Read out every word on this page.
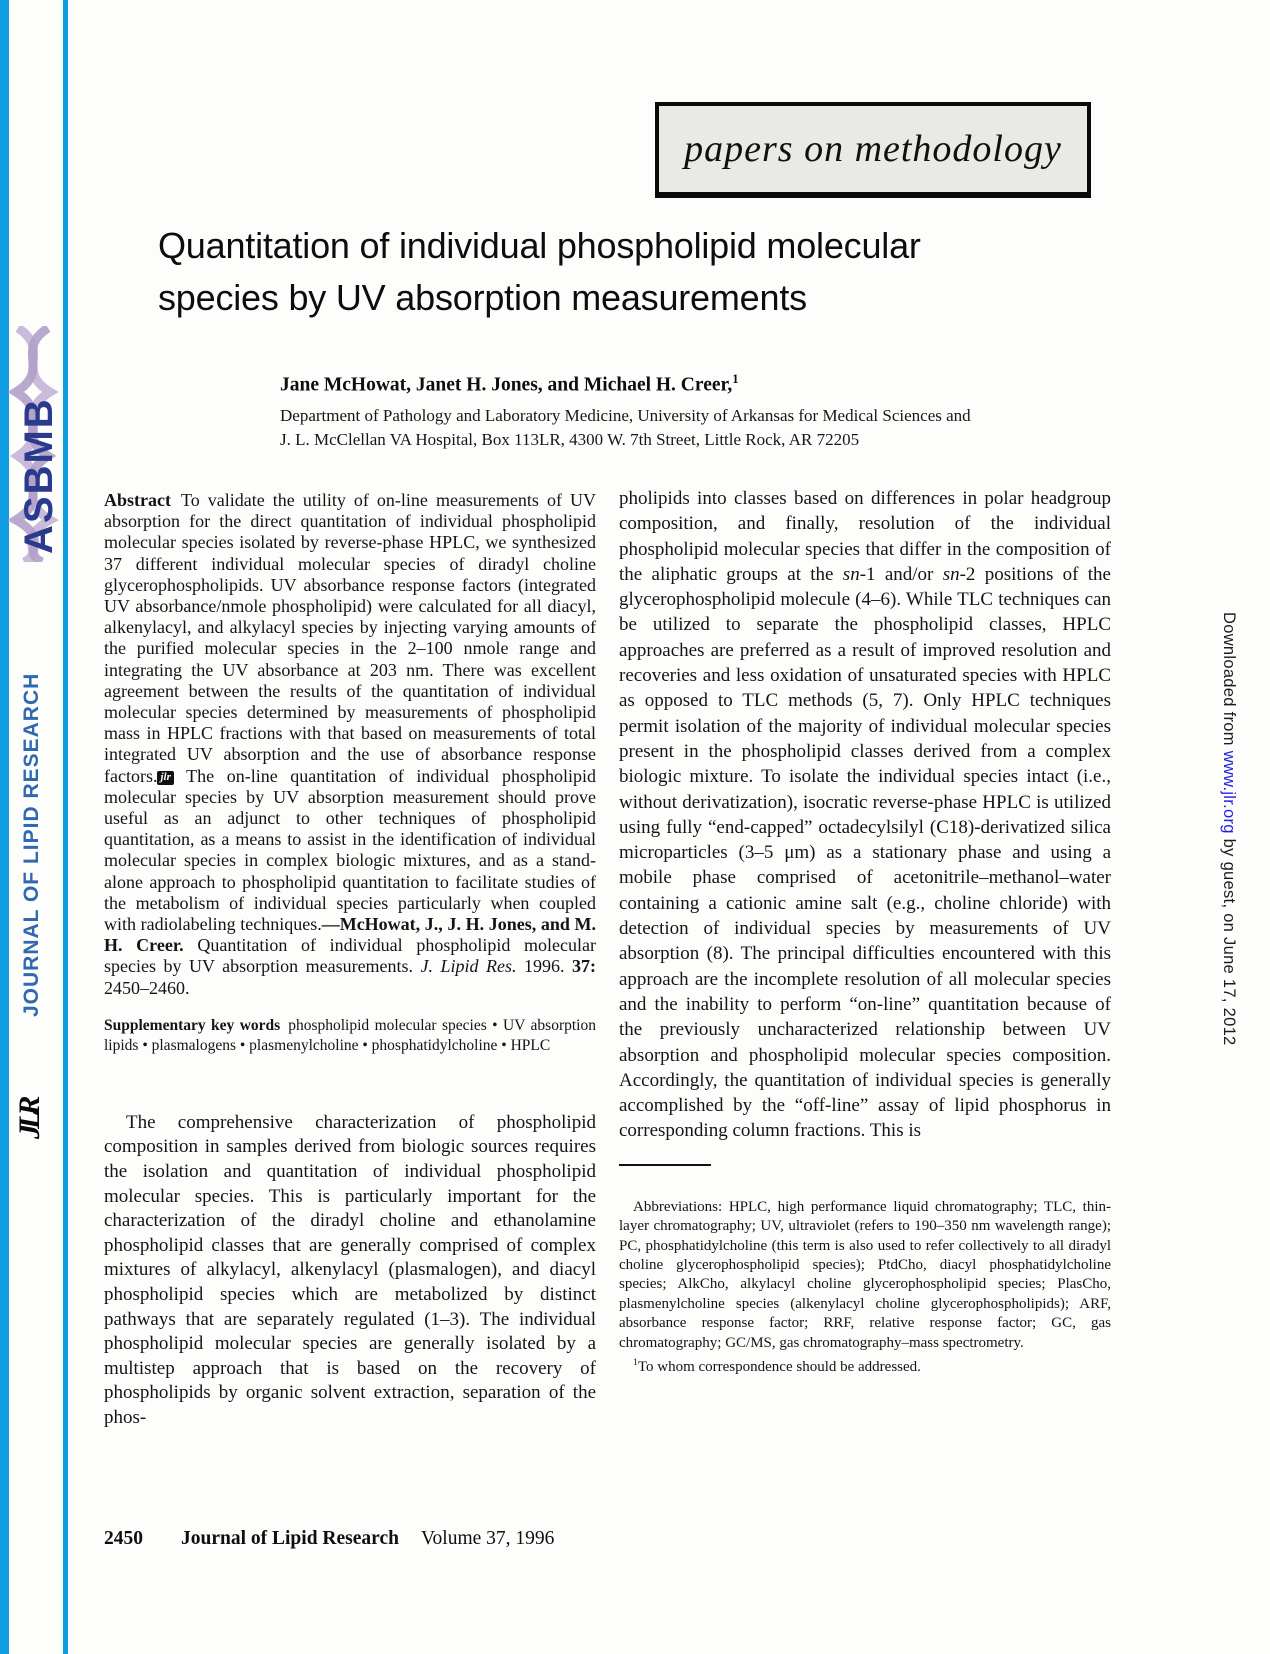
ASBMB
JOURNAL OF LIPID RESEARCH
JLR
Downloaded from www.jlr.org by guest, on June 17, 2012
papers on methodology
Quantitation of individual phospholipid molecular
species by UV absorption measurements
Jane McHowat, Janet H. Jones, and Michael H. Creer,$^1$
Department of Pathology and Laboratory Medicine, University of Arkansas for Medical Sciences and
J. L. McClellan VA Hospital, Box 113LR, 4300 W. 7th Street, Little Rock, AR 72205

Abstract To validate the utility of on-line measurements of UV absorption for the direct quantitation of individual phospholipid molecular species isolated by reverse-phase HPLC, we synthesized 37 different individual molecular species of diradyl choline glycerophospholipids. UV absorbance response factors (integrated UV absorbance/nmole phospholipid) were calculated for all diacyl, alkenylacyl, and alkylacyl species by injecting varying amounts of the purified molecular species in the 2–100 nmole range and integrating the UV absorbance at 203 nm. There was excellent agreement between the results of the quantitation of individual molecular species determined by measurements of phospholipid mass in HPLC fractions with that based on measurements of total integrated UV absorption and the use of absorbance response factors. jlr The on-line quantitation of individual phospholipid molecular species by UV absorption measurement should prove useful as an adjunct to other techniques of phospholipid quantitation, as a means to assist in the identification of individual molecular species in complex biologic mixtures, and as a stand-alone approach to phospholipid quantitation to facilitate studies of the metabolism of individual species particularly when coupled with radiolabeling techniques.—McHowat, J., J. H. Jones, and M. H. Creer. Quantitation of individual phospholipid molecular species by UV absorption measurements. J. Lipid Res. 1996. 37: 2450–2460.

Supplementary key words phospholipid molecular species • UV absorption lipids • plasmalogens • plasmenylcholine • phosphatidylcholine • HPLC

The comprehensive characterization of phospholipid composition in samples derived from biologic sources requires the isolation and quantitation of individual phospholipid molecular species. This is particularly important for the characterization of the diradyl choline and ethanolamine phospholipid classes that are generally comprised of complex mixtures of alkylacyl, alkenylacyl (plasmalogen), and diacyl phospholipid species which are metabolized by distinct pathways that are separately regulated (1–3). The individual phospholipid molecular species are generally isolated by a multistep approach that is based on the recovery of phospholipids by organic solvent extraction, separation of the phos-

pholipids into classes based on differences in polar headgroup composition, and finally, resolution of the individual phospholipid molecular species that differ in the composition of the aliphatic groups at the sn-1 and/or sn-2 positions of the glycerophospholipid molecule (4–6). While TLC techniques can be utilized to separate the phospholipid classes, HPLC approaches are preferred as a result of improved resolution and recoveries and less oxidation of unsaturated species with HPLC as opposed to TLC methods (5, 7). Only HPLC techniques permit isolation of the majority of individual molecular species present in the phospholipid classes derived from a complex biologic mixture. To isolate the individual species intact (i.e., without derivatization), isocratic reverse-phase HPLC is utilized using fully “end-capped” octadecylsilyl (C18)-derivatized silica microparticles (3–5 μm) as a stationary phase and using a mobile phase comprised of acetonitrile–methanol–water containing a cationic amine salt (e.g., choline chloride) with detection of individual species by measurements of UV absorption (8). The principal difficulties encountered with this approach are the incomplete resolution of all molecular species and the inability to perform “on-line” quantitation because of the previously uncharacterized relationship between UV absorption and phospholipid molecular species composition. Accordingly, the quantitation of individual species is generally accomplished by the “off-line” assay of lipid phosphorus in corresponding column fractions. This is

Abbreviations: HPLC, high performance liquid chromatography; TLC, thin-layer chromatography; UV, ultraviolet (refers to 190–350 nm wavelength range); PC, phosphatidylcholine (this term is also used to refer collectively to all diradyl choline glycerophospholipid species); PtdCho, diacyl phosphatidylcholine species; AlkCho, alkylacyl choline glycerophospholipid species; PlasCho, plasmenylcholine species (alkenylacyl choline glycerophospholipids); ARF, absorbance response factor; RRF, relative response factor; GC, gas chromatography; GC/MS, gas chromatography–mass spectrometry.

$^1$To whom correspondence should be addressed.

2450 Journal of Lipid Research Volume 37, 1996
